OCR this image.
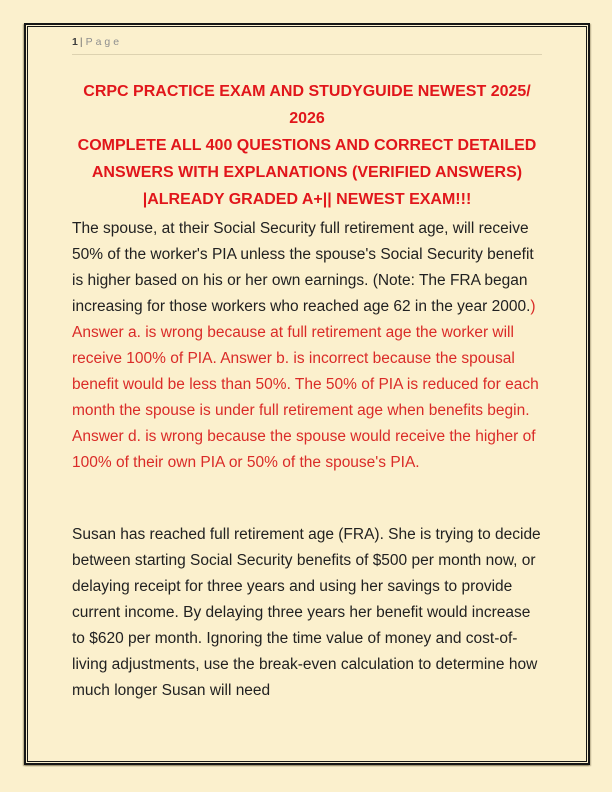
1 | Page
CRPC PRACTICE EXAM AND STUDYGUIDE NEWEST 2025/ 2026
COMPLETE ALL 400 QUESTIONS AND CORRECT DETAILED
ANSWERS WITH EXPLANATIONS (VERIFIED ANSWERS)
|ALREADY GRADED A+|| NEWEST EXAM!!!

The spouse, at their Social Security full retirement age, will receive 50% of the worker's PIA unless the spouse's Social Security benefit is higher based on his or her own earnings. (Note: The FRA began increasing for those workers who reached age 62 in the year 2000.) Answer a. is wrong because at full retirement age the worker will receive 100% of PIA. Answer b. is incorrect because the spousal benefit would be less than 50%. The 50% of PIA is reduced for each month the spouse is under full retirement age when benefits begin. Answer d. is wrong because the spouse would receive the higher of 100% of their own PIA or 50% of the spouse's PIA.

Susan has reached full retirement age (FRA). She is trying to decide between starting Social Security benefits of $500 per month now, or delaying receipt for three years and using her savings to provide current income. By delaying three years her benefit would increase to $620 per month. Ignoring the time value of money and cost-of-living adjustments, use the break-even calculation to determine how much longer Susan will need
